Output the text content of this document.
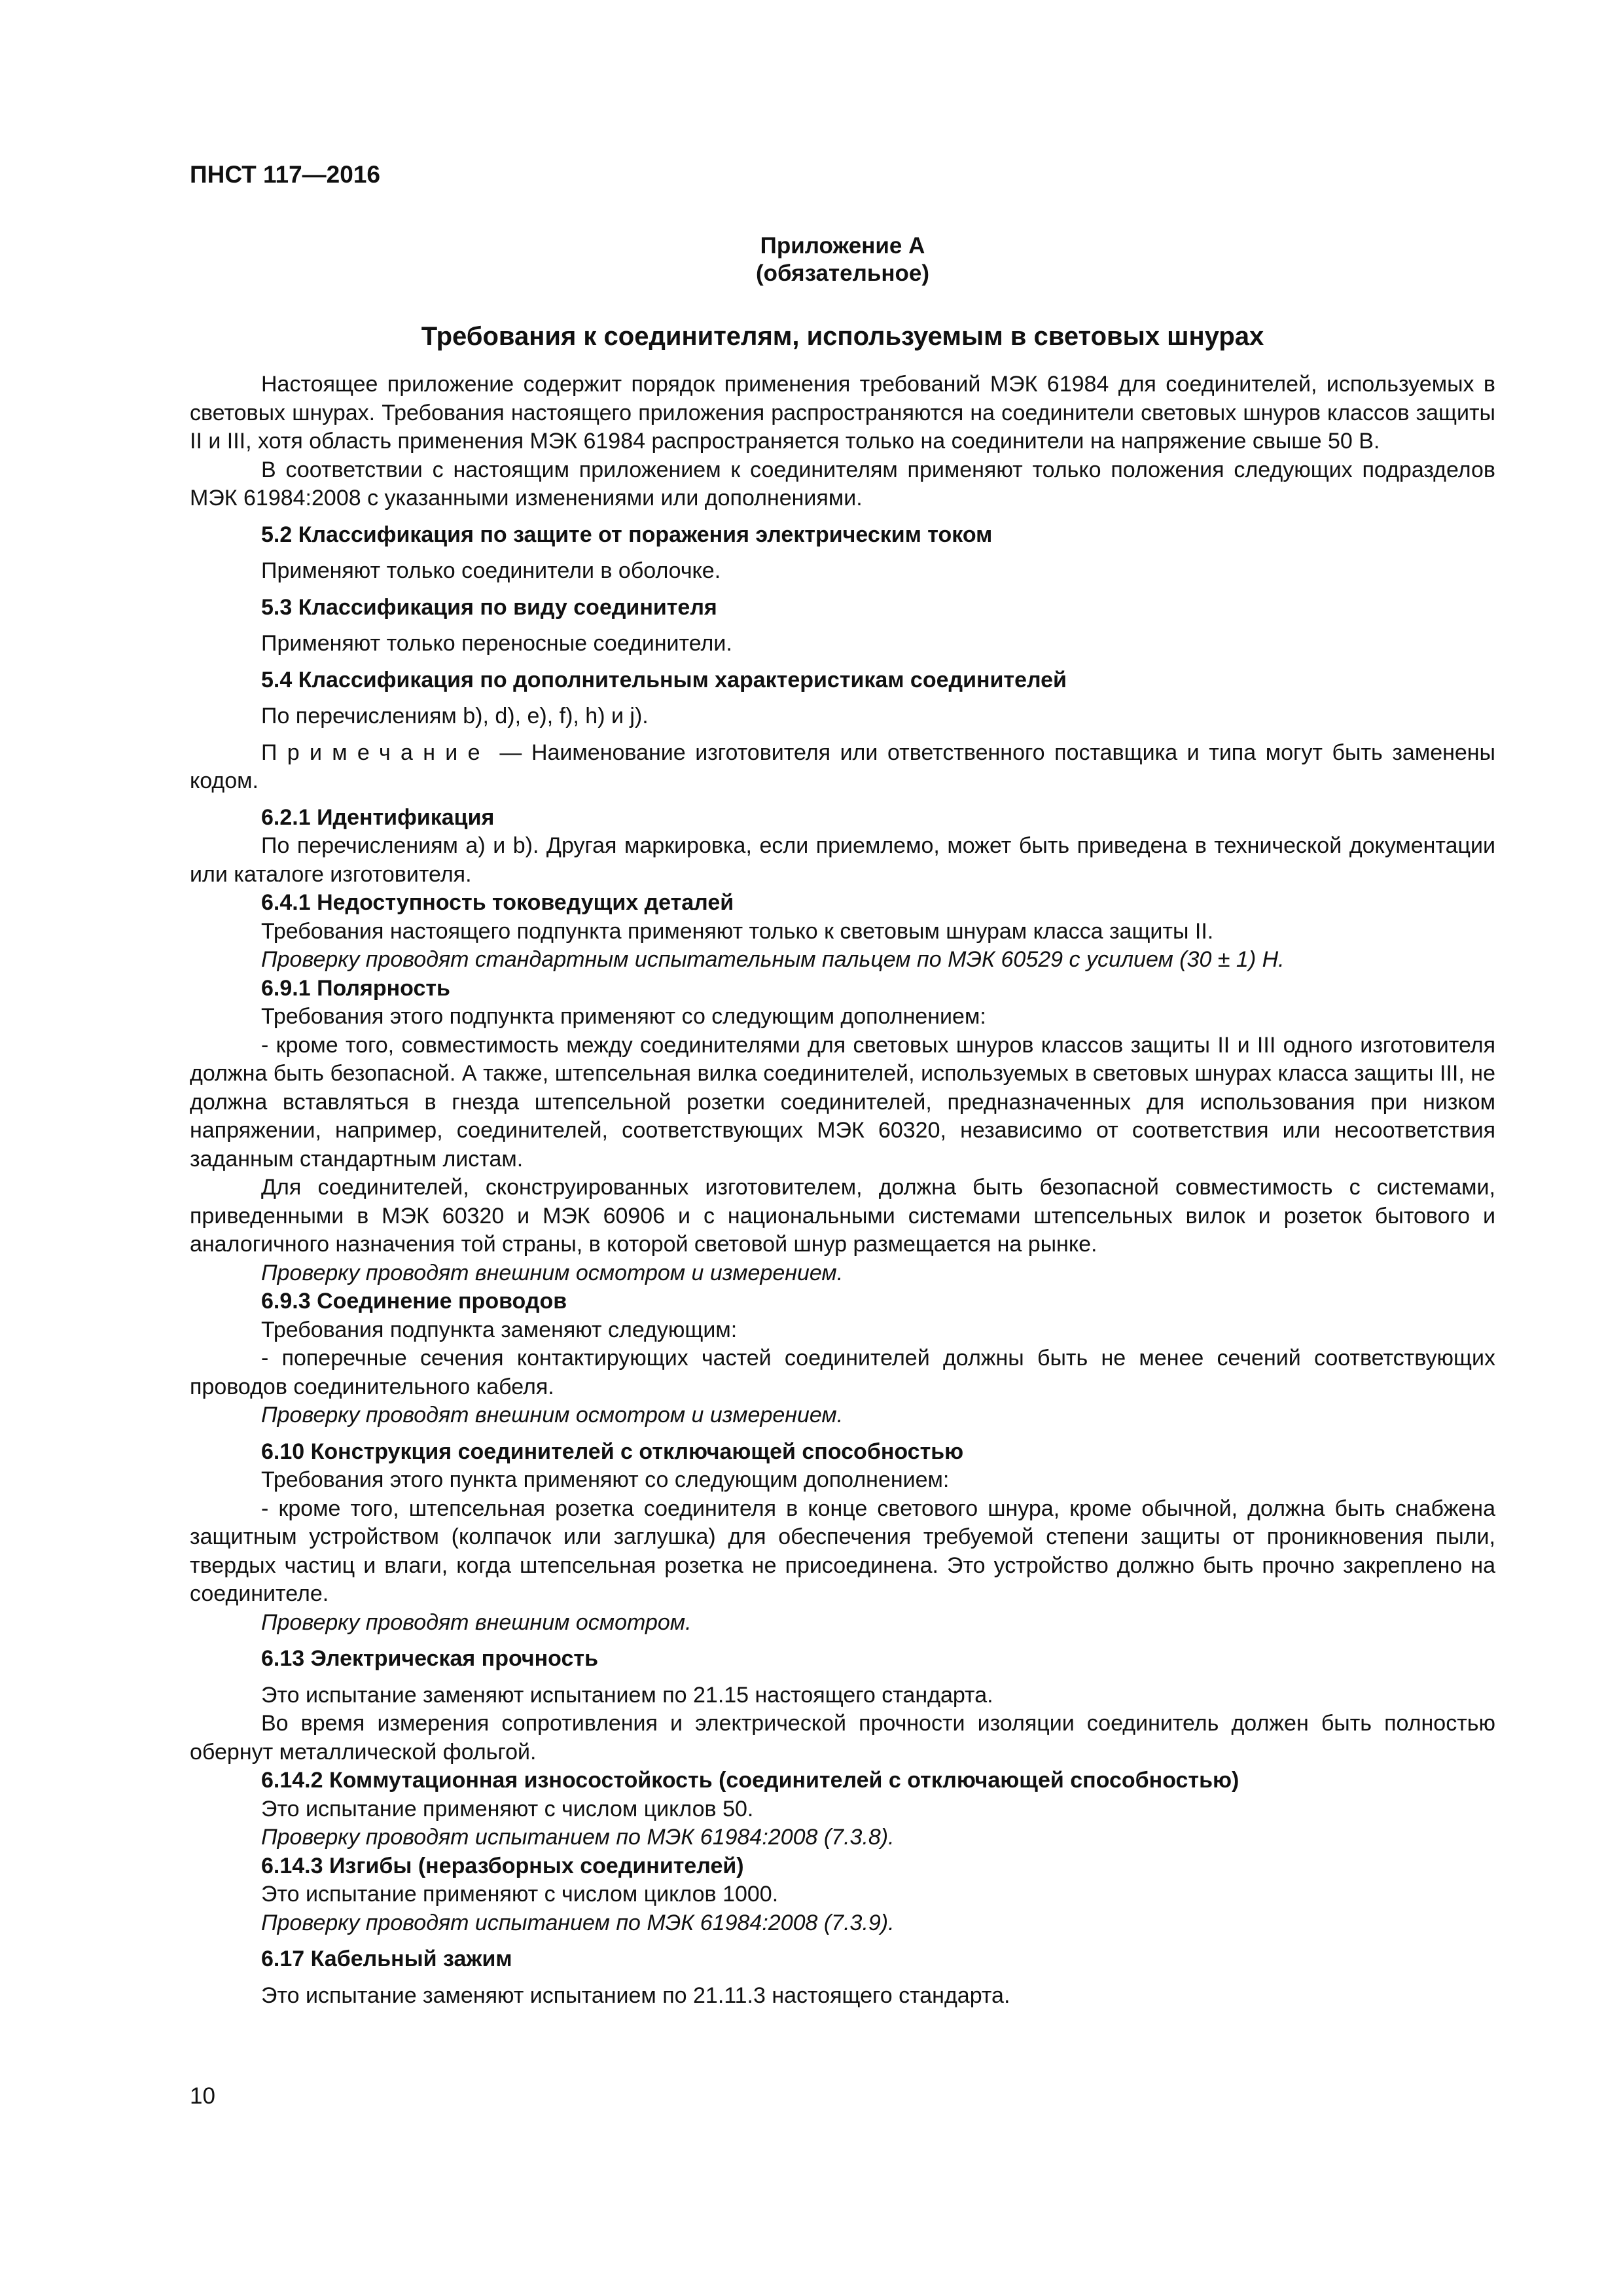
ПНСТ 117—2016
Приложение А
(обязательное)
Требования к соединителям, используемым в световых шнурах

Настоящее приложение содержит порядок применения требований МЭК 61984 для соединителей, используемых в световых шнурах. Требования настоящего приложения распространяются на соединители световых шнуров классов защиты II и III, хотя область применения МЭК 61984 распространяется только на соединители на напряжение свыше 50 В.

В соответствии с настоящим приложением к соединителям применяют только положения следующих подразделов МЭК 61984:2008 с указанными изменениями или дополнениями.

5.2 Классификация по защите от поражения электрическим током

Применяют только соединители в оболочке.

5.3 Классификация по виду соединителя

Применяют только переносные соединители.

5.4 Классификация по дополнительным характеристикам соединителей

По перечислениям b), d), e), f), h) и j).

Примечание — Наименование изготовителя или ответственного поставщика и типа могут быть заменены кодом.

6.2.1 Идентификация

По перечислениям а) и b). Другая маркировка, если приемлемо, может быть приведена в технической документации или каталоге изготовителя.

6.4.1 Недоступность токоведущих деталей

Требования настоящего подпункта применяют только к световым шнурам класса защиты II.

Проверку проводят стандартным испытательным пальцем по МЭК 60529 с усилием (30 ± 1) Н.

6.9.1 Полярность

Требования этого подпункта применяют со следующим дополнением:

- кроме того, совместимость между соединителями для световых шнуров классов защиты II и III одного изготовителя должна быть безопасной. А также, штепсельная вилка соединителей, используемых в световых шнурах класса защиты III, не должна вставляться в гнезда штепсельной розетки соединителей, предназначенных для использования при низком напряжении, например, соединителей, соответствующих МЭК 60320, независимо от соответствия или несоответствия заданным стандартным листам.

Для соединителей, сконструированных изготовителем, должна быть безопасной совместимость с системами, приведенными в МЭК 60320 и МЭК 60906 и с национальными системами штепсельных вилок и розеток бытового и аналогичного назначения той страны, в которой световой шнур размещается на рынке.

Проверку проводят внешним осмотром и измерением.

6.9.3 Соединение проводов

Требования подпункта заменяют следующим:

- поперечные сечения контактирующих частей соединителей должны быть не менее сечений соответствующих проводов соединительного кабеля.

Проверку проводят внешним осмотром и измерением.

6.10 Конструкция соединителей с отключающей способностью

Требования этого пункта применяют со следующим дополнением:

- кроме того, штепсельная розетка соединителя в конце светового шнура, кроме обычной, должна быть снабжена защитным устройством (колпачок или заглушка) для обеспечения требуемой степени защиты от проникновения пыли, твердых частиц и влаги, когда штепсельная розетка не присоединена. Это устройство должно быть прочно закреплено на соединителе.

Проверку проводят внешним осмотром.

6.13 Электрическая прочность

Это испытание заменяют испытанием по 21.15 настоящего стандарта.

Во время измерения сопротивления и электрической прочности изоляции соединитель должен быть полностью обернут металлической фольгой.

6.14.2 Коммутационная износостойкость (соединителей с отключающей способностью)

Это испытание применяют с числом циклов 50.

Проверку проводят испытанием по МЭК 61984:2008 (7.3.8).

6.14.3 Изгибы (неразборных соединителей)

Это испытание применяют с числом циклов 1000.

Проверку проводят испытанием по МЭК 61984:2008 (7.3.9).

6.17 Кабельный зажим

Это испытание заменяют испытанием по 21.11.3 настоящего стандарта.

10
